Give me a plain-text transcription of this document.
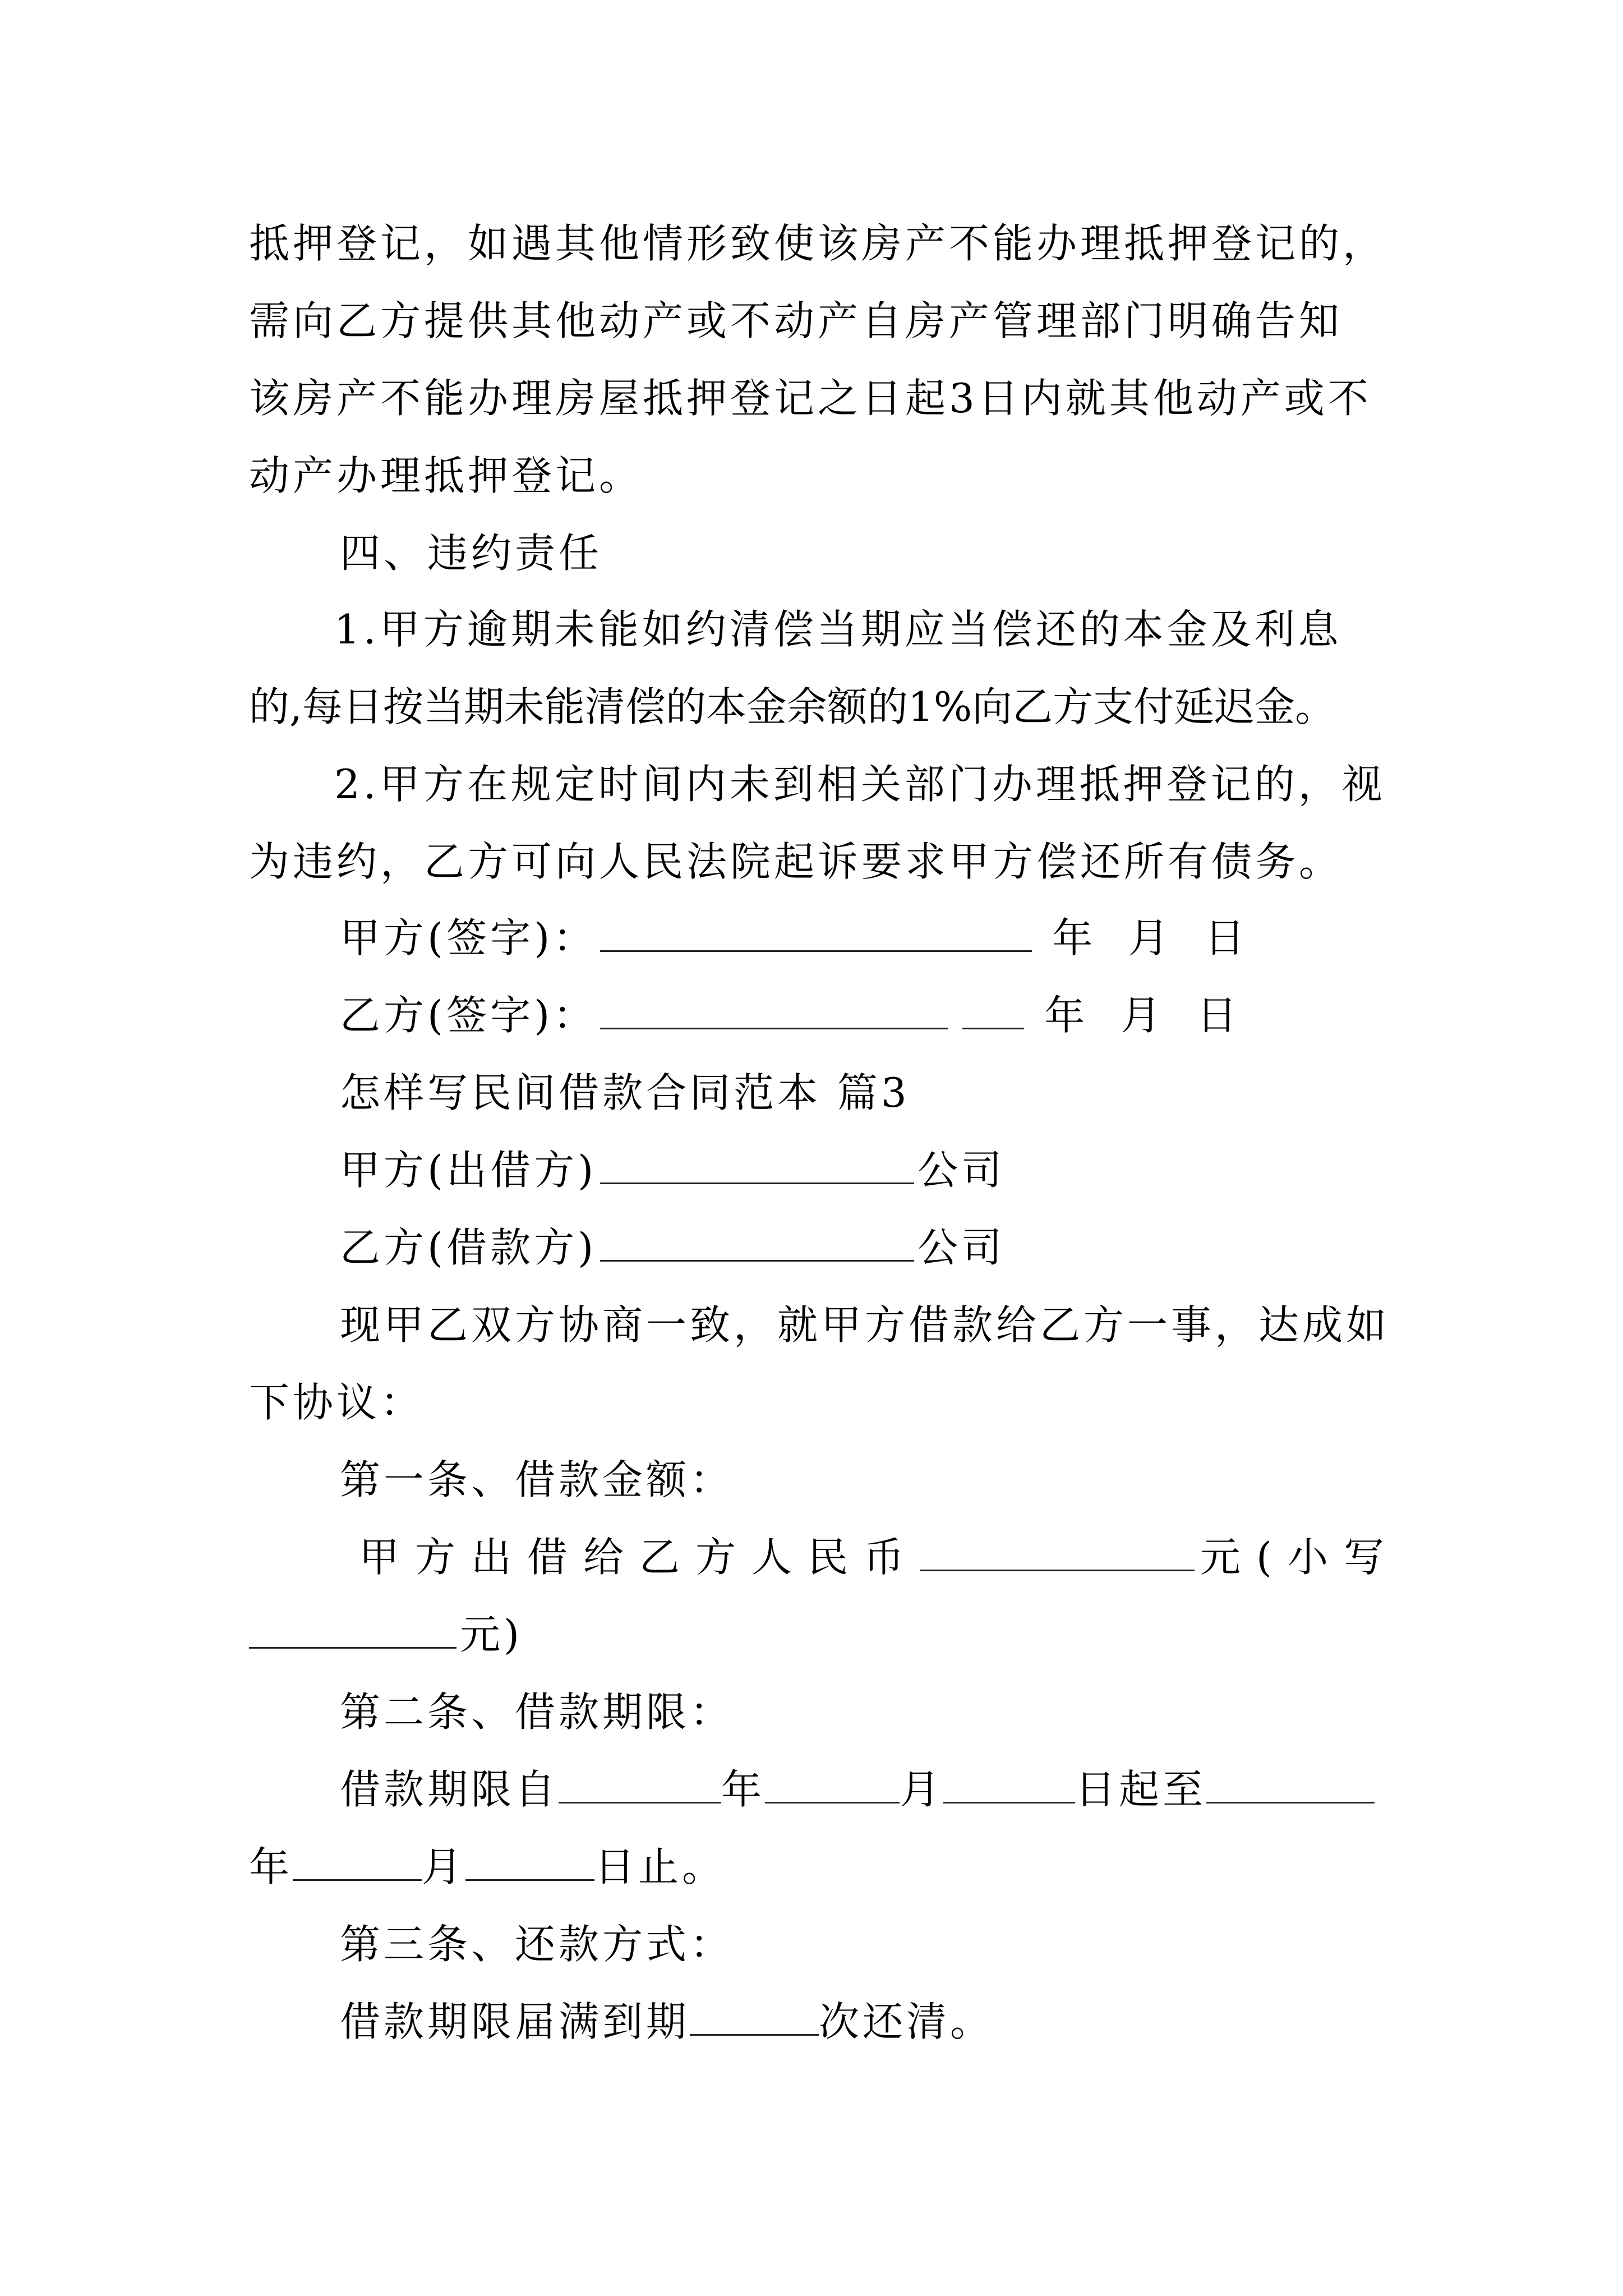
抵押登记，如遇其他情形致使该房产不能办理抵押登记的，
需向乙方提供其他动产或不动产自房产管理部门明确告知
该房产不能办理房屋抵押登记之日起3日内就其他动产或不
动产办理抵押登记。
四、违约责任
1.甲方逾期未能如约清偿当期应当偿还的本金及利息
的,每日按当期未能清偿的本金余额的1%向乙方支付延迟金。
2.甲方在规定时间内未到相关部门办理抵押登记的，视
为违约，乙方可向人民法院起诉要求甲方偿还所有债务。
甲方(签字)：	年  月  日
乙方(签字)：	年  月  日
怎样写民间借款合同范本 篇3
甲方(出借方)	公司
乙方(借款方)	公司
现甲乙双方协商一致，就甲方借款给乙方一事，达成如
下协议：
第一条、借款金额：
甲方出借给乙方人民币	元(小写
元)
第二条、借款期限：
借款期限自	年	月	日起至
年	月	日止。
第三条、还款方式：
借款期限届满到期	次还清。
